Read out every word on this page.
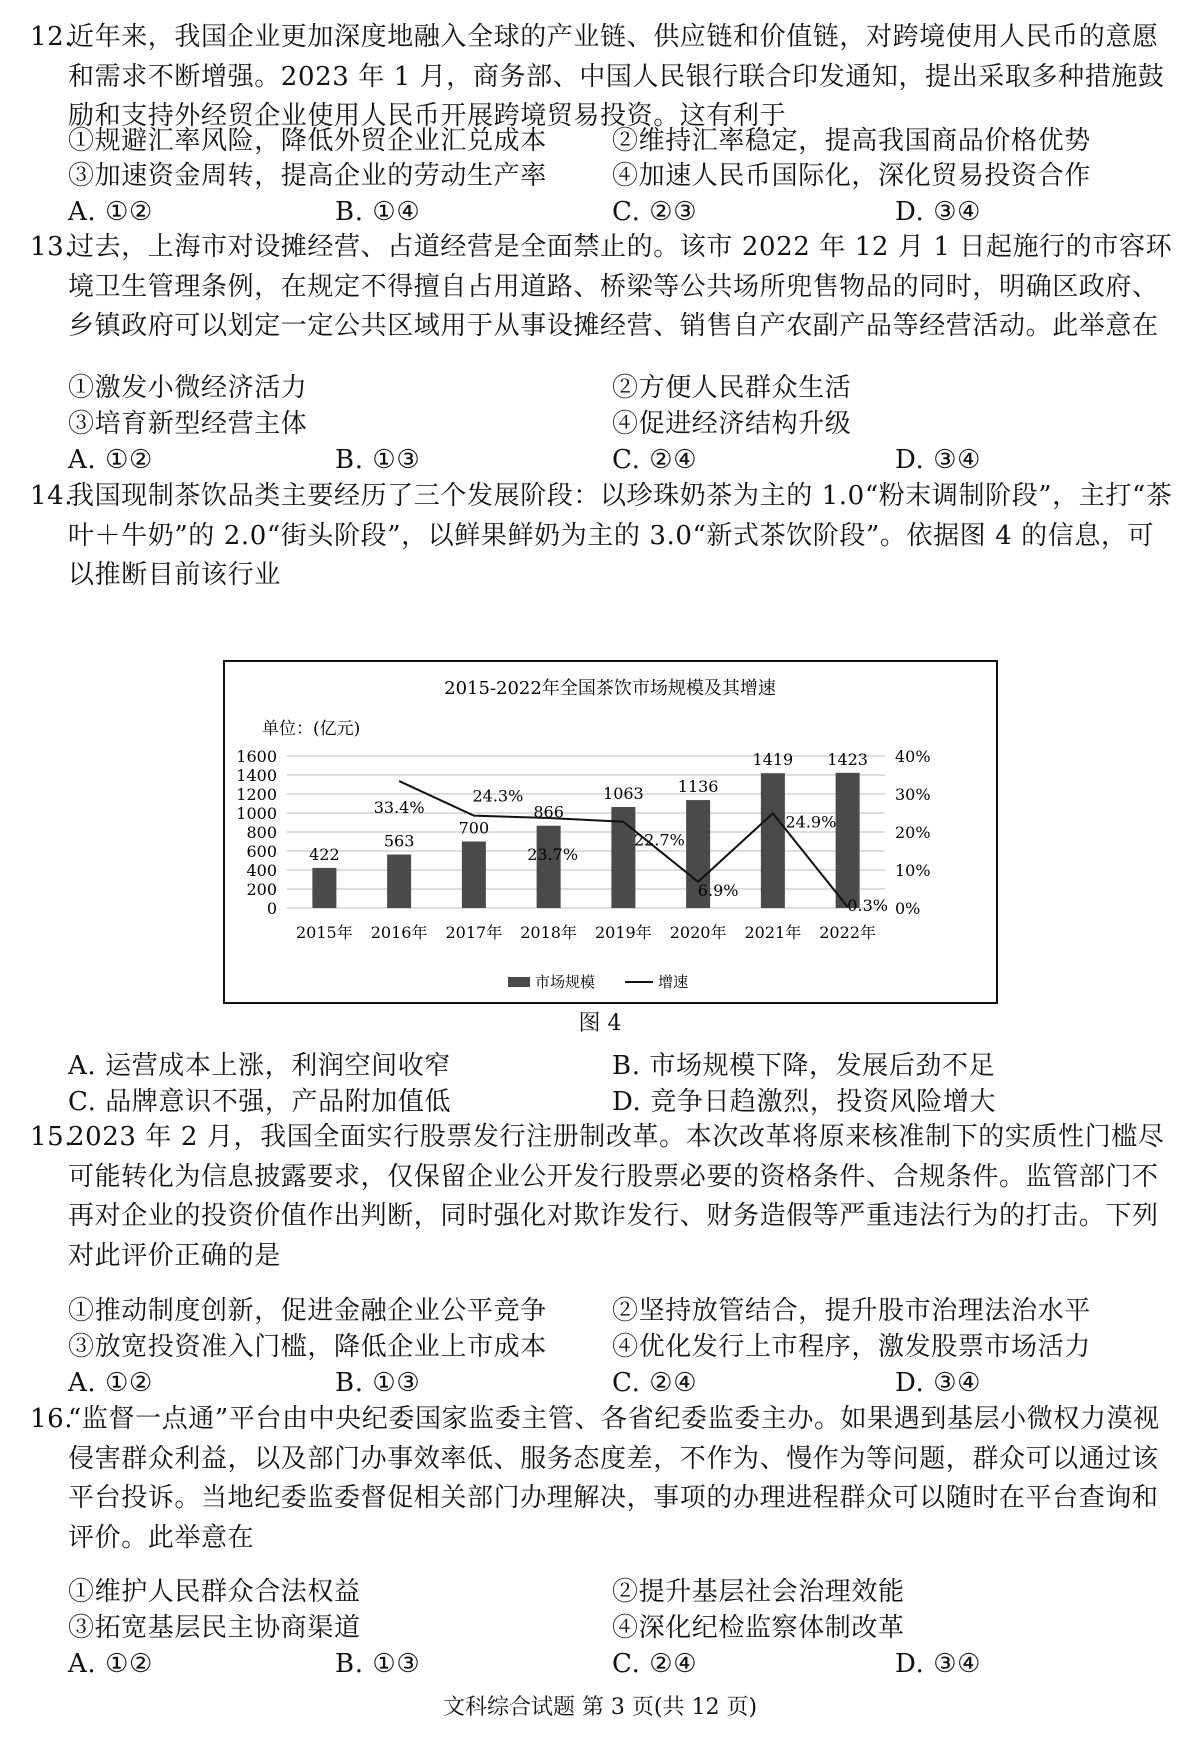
12.
近年来，我国企业更加深度地融入全球的产业链、供应链和价值链，对跨境使用人民币的意愿和需求不断增强。2023 年 1 月，商务部、中国人民银行联合印发通知，提出采取多种措施鼓励和支持外经贸企业使用人民币开展跨境贸易投资。这有利于
①规避汇率风险，降低外贸企业汇兑成本	②维持汇率稳定，提高我国商品价格优势
③加速资金周转，提高企业的劳动生产率	④加速人民币国际化，深化贸易投资合作
A. ①②	B. ①④	C. ②③	D. ③④
13.
过去，上海市对设摊经营、占道经营是全面禁止的。该市 2022 年 12 月 1 日起施行的市容环境卫生管理条例，在规定不得擅自占用道路、桥梁等公共场所兜售物品的同时，明确区政府、乡镇政府可以划定一定公共区域用于从事设摊经营、销售自产农副产品等经营活动。此举意在
①激发小微经济活力	②方便人民群众生活
③培育新型经营主体	④促进经济结构升级
A. ①②	B. ①③	C. ②④	D. ③④
14.
我国现制茶饮品类主要经历了三个发展阶段：以珍珠奶茶为主的 1.0“粉末调制阶段”，主打“茶叶＋牛奶”的 2.0“街头阶段”，以鲜果鲜奶为主的 3.0“新式茶饮阶段”。依据图 4 的信息，可以推断目前该行业
2015-2022年全国茶饮市场规模及其增速
单位：(亿元)
1600
1400
1200
1000
800
600
400
200
0
40%
30%
20%
10%
0%
422
563
700
866
1063 1136
1419 1423
33.4%
24.3%
23.7%
22.7%
6.9%
24.9%
0.3%
2015年 2016年 2017年 2018年 2019年 2020年 2021年 2022年
市场规模	增速
图 4
A. 运营成本上涨，利润空间收窄	B. 市场规模下降，发展后劲不足
C. 品牌意识不强，产品附加值低	D. 竞争日趋激烈，投资风险增大
15.
2023 年 2 月，我国全面实行股票发行注册制改革。本次改革将原来核准制下的实质性门槛尽可能转化为信息披露要求，仅保留企业公开发行股票必要的资格条件、合规条件。监管部门不再对企业的投资价值作出判断，同时强化对欺诈发行、财务造假等严重违法行为的打击。下列对此评价正确的是
①推动制度创新，促进金融企业公平竞争	②坚持放管结合，提升股市治理法治水平
③放宽投资准入门槛，降低企业上市成本	④优化发行上市程序，激发股票市场活力
A. ①②	B. ①③	C. ②④	D. ③④
16.
“监督一点通”平台由中央纪委国家监委主管、各省纪委监委主办。如果遇到基层小微权力漠视侵害群众利益，以及部门办事效率低、服务态度差，不作为、慢作为等问题，群众可以通过该平台投诉。当地纪委监委督促相关部门办理解决，事项的办理进程群众可以随时在平台查询和评价。此举意在
①维护人民群众合法权益	②提升基层社会治理效能
③拓宽基层民主协商渠道	④深化纪检监察体制改革
A. ①②	B. ①③	C. ②④	D. ③④
文科综合试题 第 3 页(共 12 页)
